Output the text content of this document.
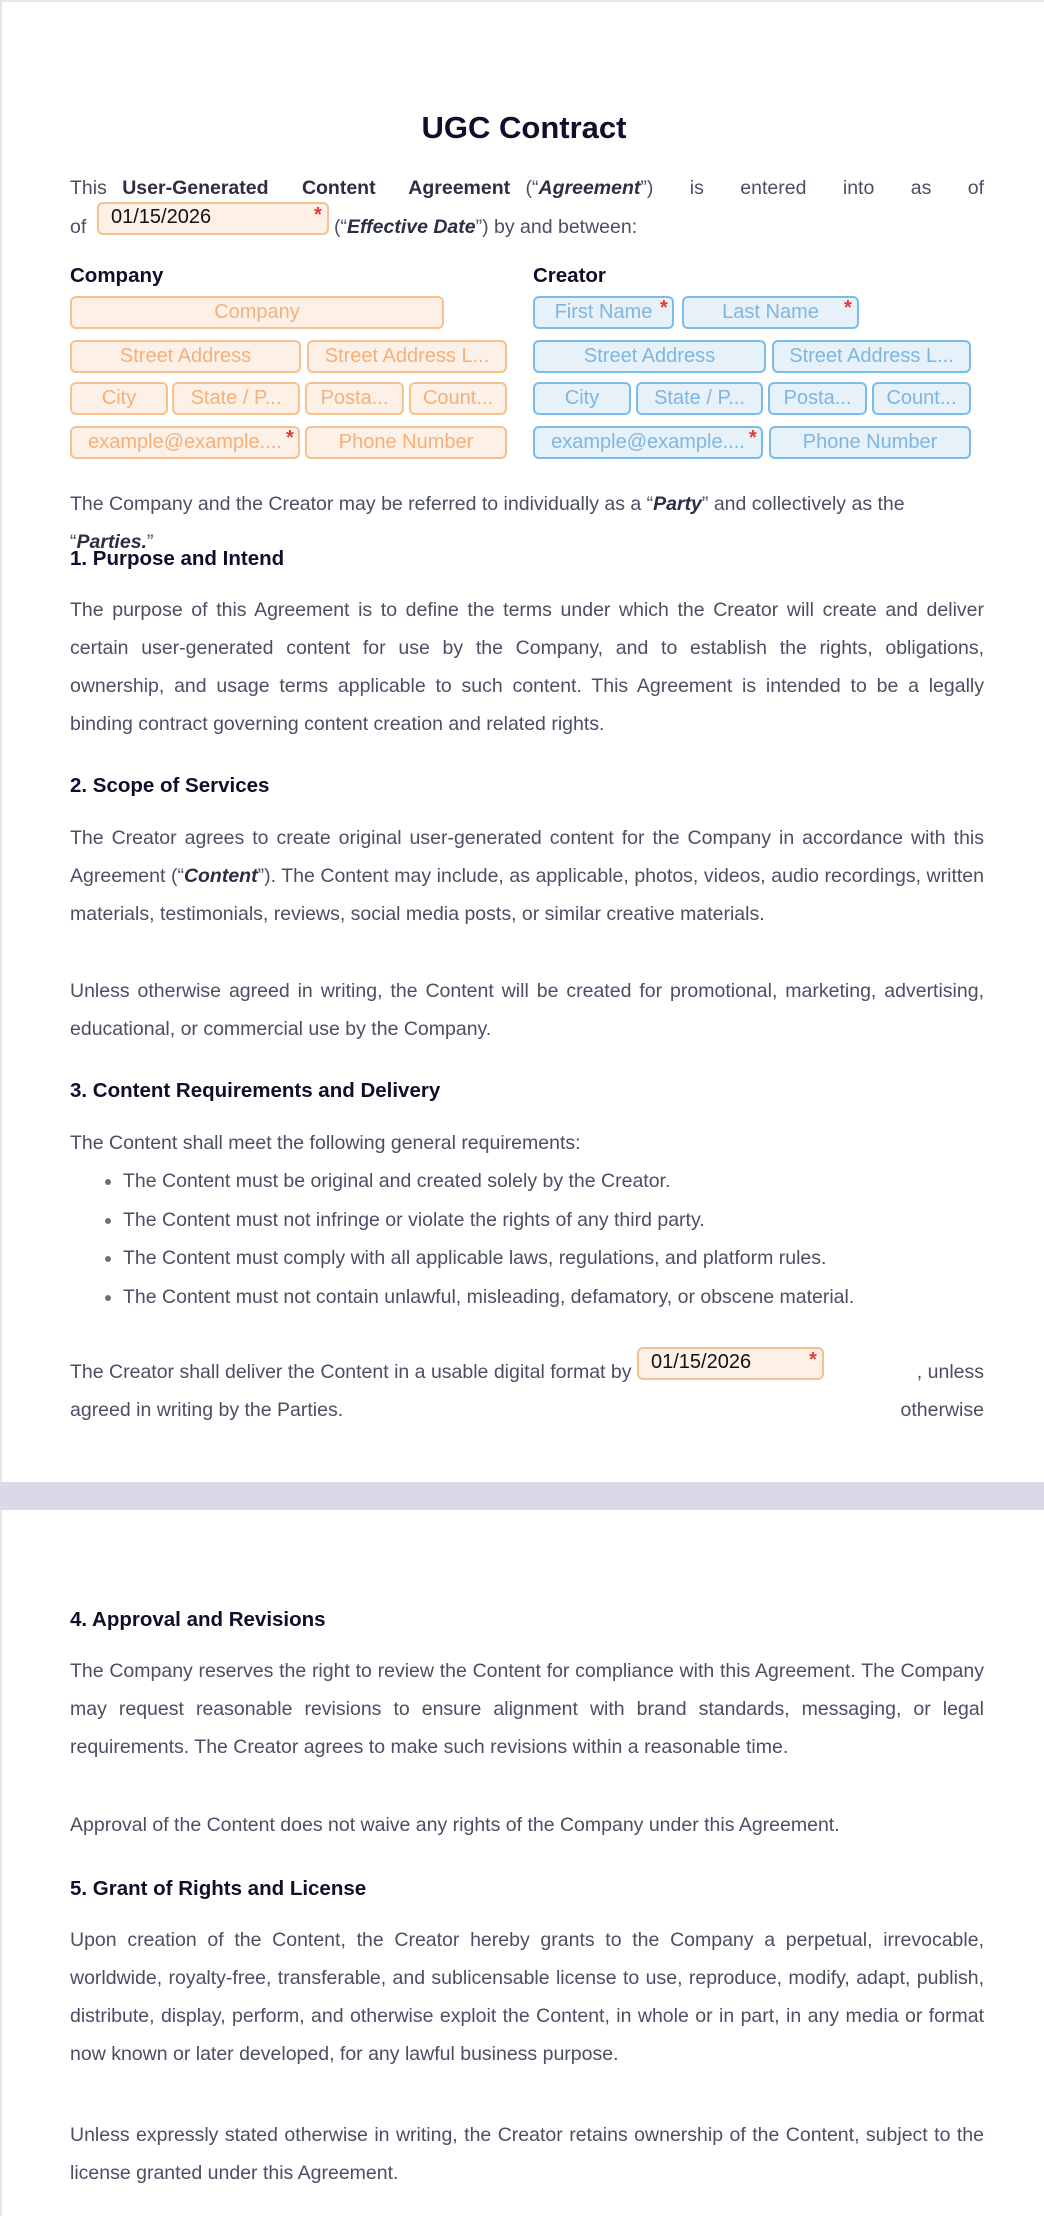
UGC Contract
This User-Generated Content Agreement (“Agreement”) is entered into as of
of	01/15/2026	*
(“Effective Date”) by and between:
Company
Company
Street Address	Street Address L...
City	State / P...	Posta...	Count...
example@example.... *	Phone Number
Creator
First Name *	Last Name	*
Street Address	Street Address L...
City	State / P...	Posta...	Count...
example@example.... *	Phone Number
The Company and the Creator may be referred to individually as a “Party” and collectively as the “Parties.”
1. Purpose and Intend
The purpose of this Agreement is to define the terms under which the Creator will create and deliver certain user-generated content for use by the Company, and to establish the rights, obligations, ownership, and usage terms applicable to such content. This Agreement is intended to be a legally binding contract governing content creation and related rights.
2. Scope of Services
The Creator agrees to create original user-generated content for the Company in accordance with this Agreement (“Content”). The Content may include, as applicable, photos, videos, audio recordings, written materials, testimonials, reviews, social media posts, or similar creative materials.
Unless otherwise agreed in writing, the Content will be created for promotional, marketing, advertising, educational, or commercial use by the Company.
3. Content Requirements and Delivery
The Content shall meet the following general requirements:
• The Content must be original and created solely by the Creator.
• The Content must not infringe or violate the rights of any third party.
• The Content must comply with all applicable laws, regulations, and platform rules.
• The Content must not contain unlawful, misleading, defamatory, or obscene material.
The Creator shall deliver the Content in a usable digital format by 01/15/2026	*
, unless otherwise
agreed in writing by the Parties.
4. Approval and Revisions
The Company reserves the right to review the Content for compliance with this Agreement. The Company may request reasonable revisions to ensure alignment with brand standards, messaging, or legal requirements. The Creator agrees to make such revisions within a reasonable time.
Approval of the Content does not waive any rights of the Company under this Agreement.
5. Grant of Rights and License
Upon creation of the Content, the Creator hereby grants to the Company a perpetual, irrevocable, worldwide, royalty-free, transferable, and sublicensable license to use, reproduce, modify, adapt, publish, distribute, display, perform, and otherwise exploit the Content, in whole or in part, in any media or format now known or later developed, for any lawful business purpose.
Unless expressly stated otherwise in writing, the Creator retains ownership of the Content, subject to the license granted under this Agreement.
